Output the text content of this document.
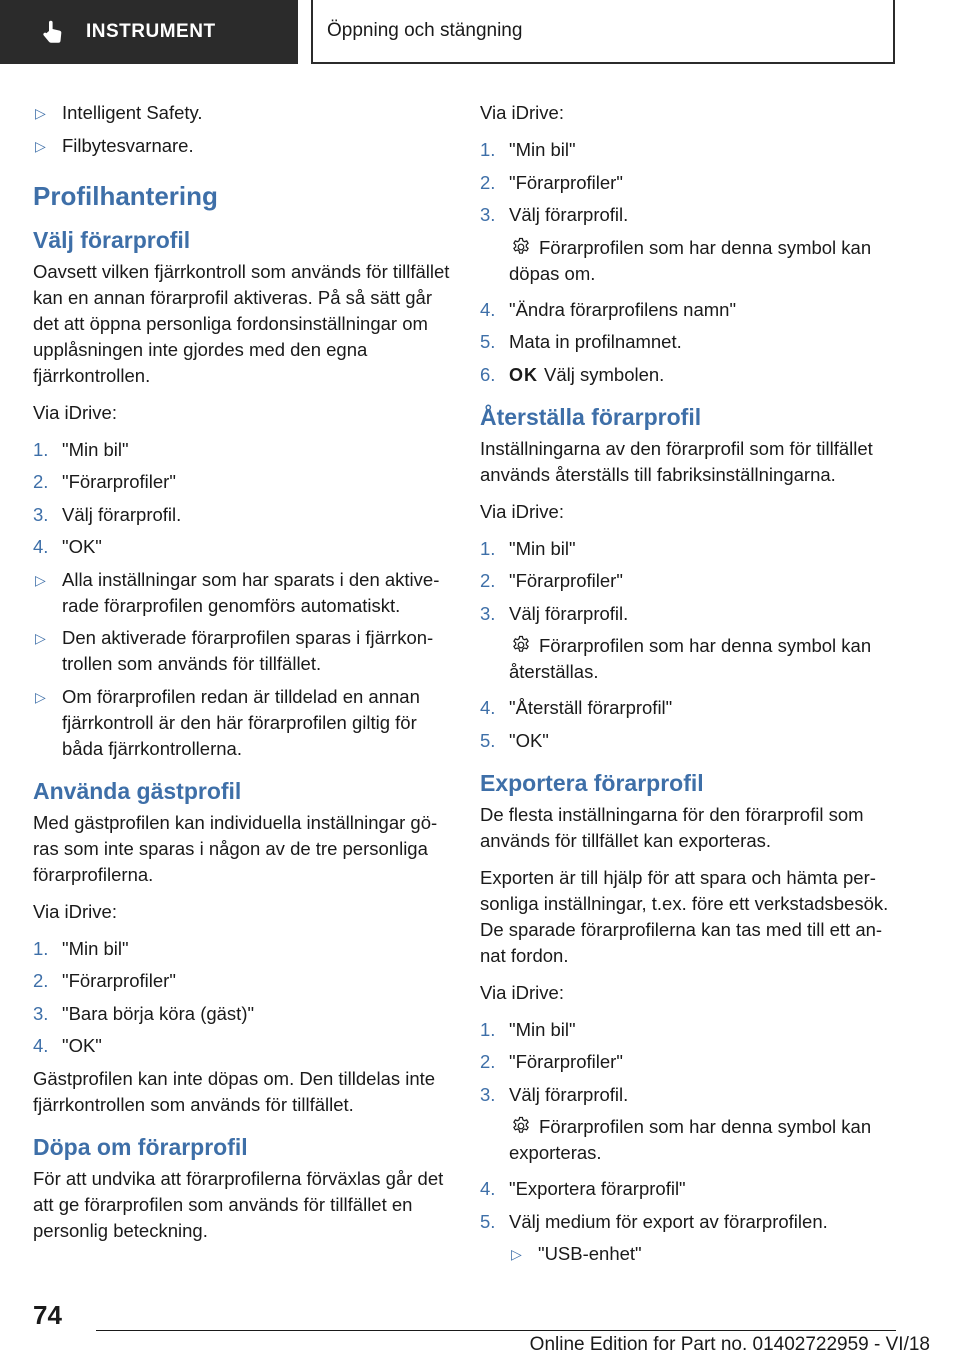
INSTRUMENT	Öppning och stängning
▷ Intelligent Safety.
▷ Filbytesvarnare.
Profilhantering
Välj förarprofil

Oavsett vilken fjärrkontroll som används för tillfället kan en annan förarprofil aktiveras. På så sätt går det att öppna personliga fordonsinställningar om upplåsningen inte gjordes med den egna fjärrkontrollen.

Via iDrive:

1. "Min bil"
2. "Förarprofiler"
3. Välj förarprofil.
4. "OK"
▷ Alla inställningar som har sparats i den aktiverade förarprofilen genomförs automatiskt.
▷ Den aktiverade förarprofilen sparas i fjärrkontrollen som används för tillfället.
▷ Om förarprofilen redan är tilldelad en annan fjärrkontroll är den här förarprofilen giltig för båda fjärrkontrollerna.
Använda gästprofil

Med gästprofilen kan individuella inställningar göras som inte sparas i någon av de tre personliga förarprofilerna.

Via iDrive:

1. "Min bil"
2. "Förarprofiler"
3. "Bara börja köra (gäst)"
4. "OK"

Gästprofilen kan inte döpas om. Den tilldelas inte fjärrkontrollen som används för tillfället.

Döpa om förarprofil

För att undvika att förarprofilerna förväxlas går det att ge förarprofilen som används för tillfället en personlig beteckning.

Via iDrive:

1. "Min bil"
2. "Förarprofiler"
3. Välj förarprofil.
Förarprofilen som har denna symbol kan döpas om.
4. "Ändra förarprofilens namn"
5. Mata in profilnamnet.
6. OK Välj symbolen.
Återställa förarprofil

Inställningarna av den förarprofil som för tillfället används återställs till fabriksinställningarna.

Via iDrive:

1. "Min bil"
2. "Förarprofiler"
3. Välj förarprofil.
Förarprofilen som har denna symbol kan återställas.
4. "Återställ förarprofil"
5. "OK"
Exportera förarprofil

De flesta inställningarna för den förarprofil som används för tillfället kan exporteras.

Exporten är till hjälp för att spara och hämta personliga inställningar, t.ex. före ett verkstadsbesök. De sparade förarprofilerna kan tas med till ett annat fordon.

Via iDrive:

1. "Min bil"
2. "Förarprofiler"
3. Välj förarprofil.
Förarprofilen som har denna symbol kan exporteras.
4. "Exportera förarprofil"
5. Välj medium för export av förarprofilen.
▷ "USB-enhet"
74
Online Edition for Part no. 01402722959 - VI/18
